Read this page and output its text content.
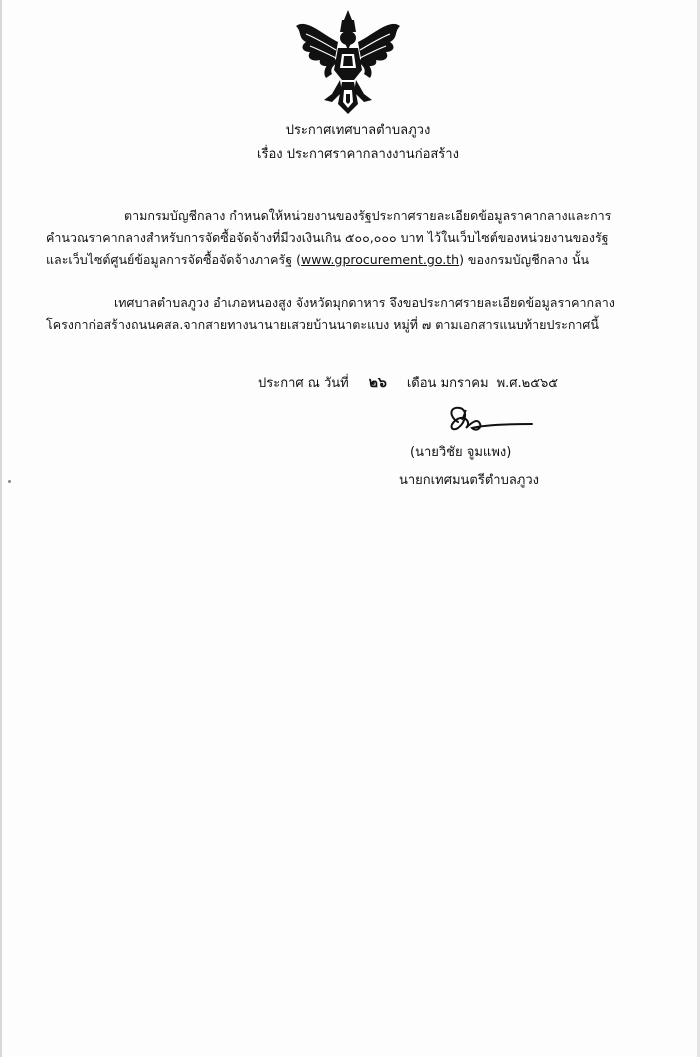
ประกาศเทศบาลตำบลภูวง
เรื่อง ประกาศราคากลางงานก่อสร้าง
ตามกรมบัญชีกลาง กำหนดให้หน่วยงานของรัฐประกาศรายละเอียดข้อมูลราคากลางและการ
คำนวณราคากลางสำหรับการจัดซื้อจัดจ้างที่มีวงเงินเกิน ๕๐๐,๐๐๐ บาท ไว้ในเว็บไซต์ของหน่วยงานของรัฐ
และเว็บไซต์ศูนย์ข้อมูลการจัดซื้อจัดจ้างภาครัฐ (www.gprocurement.go.th) ของกรมบัญชีกลาง นั้น
เทศบาลตำบลภูวง อำเภอหนองสูง จังหวัดมุกดาหาร จึงขอประกาศรายละเอียดข้อมูลราคากลาง
โครงกาก่อสร้างถนนคสล.จากสายทางนานายเสวยบ้านนาตะแบง หมู่ที่ ๗ ตามเอกสารแนบท้ายประกาศนี้
ประกาศ ณ วันที่ ๒๖ เดือน มกราคม พ.ศ.๒๕๖๕
(นายวิชัย จูมแพง)
นายกเทศมนตรีตำบลภูวง
